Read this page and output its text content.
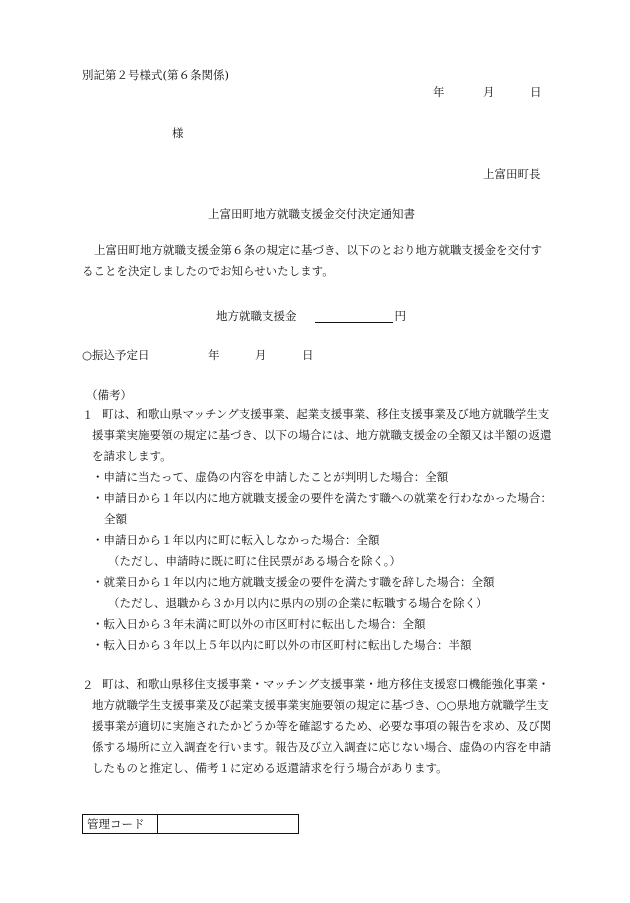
別記第２号様式(第６条関係)
年	月	日
様
上富田町長
上富田町地方就職支援金交付決定通知書
上富田町地方就職支援金第６条の規定に基づき、以下のとおり地方就職支援金を交付することを決定しましたのでお知らせいたします。
地方就職支援金	円
○振込予定日	年	月	日
（備考）
１ 町は、和歌山県マッチング支援事業、起業支援事業、移住支援事業及び地方就職学生支援事業実施要領の規定に基づき、以下の場合には、地方就職支援金の全額又は半額の返還を請求します。
・申請に当たって、虚偽の内容を申請したことが判明した場合：全額
・申請日から１年以内に地方就職支援金の要件を満たす職への就業を行わなかった場合：
全額
・申請日から１年以内に町に転入しなかった場合：全額
（ただし、申請時に既に町に住民票がある場合を除く。）
・就業日から１年以内に地方就職支援金の要件を満たす職を辞した場合：全額
（ただし、退職から３か月以内に県内の別の企業に転職する場合を除く）
・転入日から３年未満に町以外の市区町村に転出した場合：全額
・転入日から３年以上５年以内に町以外の市区町村に転出した場合：半額
２ 町は、和歌山県移住支援事業・マッチング支援事業・地方移住支援窓口機能強化事業・地方就職学生支援事業及び起業支援事業実施要領の規定に基づき、○○県地方就職学生支援事業が適切に実施されたかどうか等を確認するため、必要な事項の報告を求め、及び関係する場所に立入調査を行います。報告及び立入調査に応じない場合、虚偽の内容を申請したものと推定し、備考１に定める返還請求を行う場合があります。
管理コード	
